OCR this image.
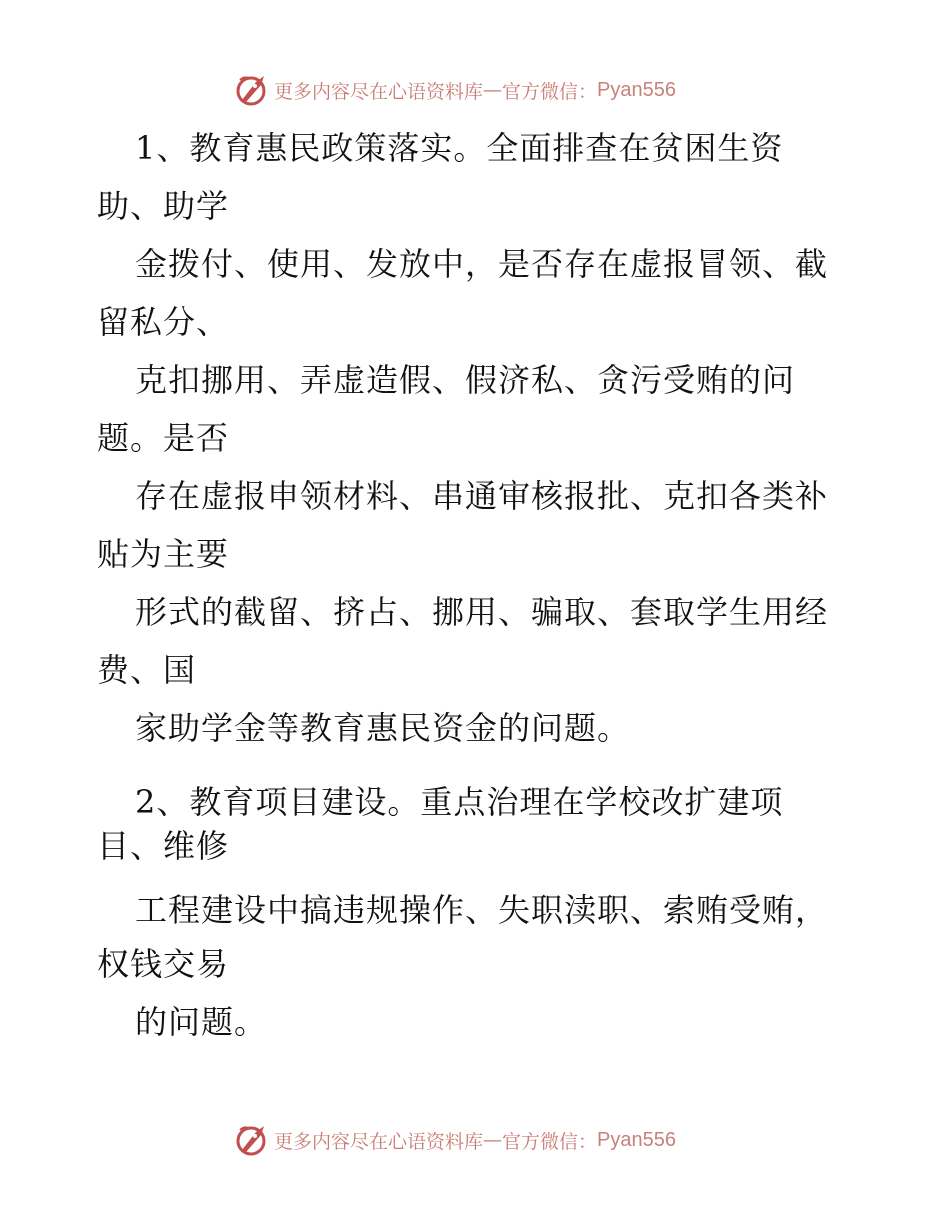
更多内容尽在心语资料库 — 官方微信： Pyan556
1、教育惠民政策落实。全面排查在贫困生资
助、助学
金拨付、使用、发放中，是否存在虚报冒领、截
留私分、
克扣挪用、弄虚造假、假济私、贪污受贿的问
题。是否
存在虚报申领材料、串通审核报批、克扣各类补
贴为主要
形式的截留、挤占、挪用、骗取、套取学生用经
费、国
家助学金等教育惠民资金的问题。
2、教育项目建设。重点治理在学校改扩建项
目、维修
工程建设中搞违规操作、失职渎职、索贿受贿，
权钱交易
的问题。
更多内容尽在心语资料库 — 官方微信： Pyan556
